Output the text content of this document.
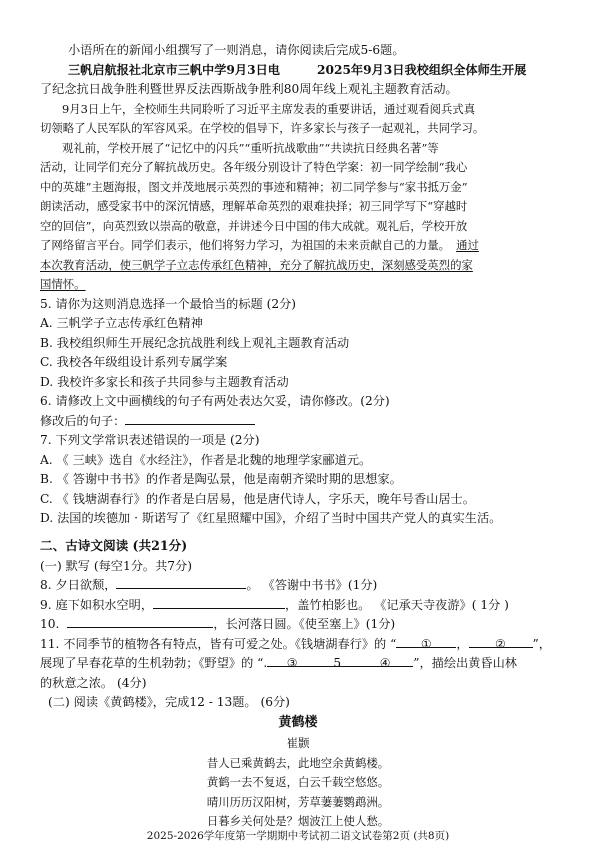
小语所在的新闻小组撰写了一则消息，请你阅读后完成5-6题。
三帆启航报社北京市三帆中学9月3日电	2025年9月3日我校组织全体师生开展
了纪念抗日战争胜利暨世界反法西斯战争胜利80周年线上观礼主题教育活动。
9月3日上午，全校师生共同聆听了习近平主席发表的重要讲话，通过观看阅兵式真
切领略了人民军队的军容风采。在学校的倡导下，许多家长与孩子一起观礼，共同学习。
观礼前，学校开展了“记忆中的闪兵”“重听抗战歌曲”“共读抗日经典名著”等
活动，让同学们充分了解抗战历史。各年级分别设计了特色学案：初一同学绘制“我心
中的英雄”主题海报，图文并茂地展示英烈的事迹和精神；初二同学参与“家书抵万金”
朗读活动，感受家书中的深沉情感，理解革命英烈的艰难抉择；初三同学写下“穿越时
空的回信”，向英烈致以崇高的敬意，并讲述今日中国的伟大成就。观礼后，学校开放
了网络留言平台。同学们表示，他们将努力学习，为祖国的未来贡献自己的力量。 通过
本次教育活动，使三帆学子立志传承红色精神，充分了解抗战历史，深刻感受英烈的家
国情怀。
5. 请你为这则消息选择一个最恰当的标题 (2分)
A. 三帆学子立志传承红色精神
B. 我校组织师生开展纪念抗战胜利线上观礼主题教育活动
C. 我校各年级组设计系列专属学案
D. 我校许多家长和孩子共同参与主题教育活动
6. 请修改上文中画横线的句子有两处表达欠妥，请你修改。(2分)
修改后的句子：
7. 下列文学常识表述错误的一项是 (2分)
A. 《 三峡》选自《水经注》，作者是北魏的地理学家郦道元。
B. 《 答谢中书书》的作者是陶弘景，他是南朝齐梁时期的思想家。
C. 《 钱塘湖春行》的作者是白居易，他是唐代诗人，字乐天，晚年号香山居士。
D. 法国的埃德加 · 斯诺写了《红星照耀中国》，介绍了当时中国共产党人的真实生活。
二、古诗文阅读 (共21分)
(一) 默写 (每空1分。共7分)
8. 夕日欲颓，	。 《答谢中书书》(1分)
9. 庭下如积水空明，	，盖竹柏影也。 《记承天寺夜游》( 1分 )
10.	，长河落日圆。《使至塞上》(1分)
11. 不同季节的植物各有特点，皆有可爱之处。《钱塘湖春行》的 “ ① ， ② ”，
展现了早春花草的生机勃勃；《野望》的 “. ③	5	④ ”，描绘出黄昏山林
的秋意之浓。 (4分)
(二) 阅读《黄鹤楼》，完成12 - 13题。 (6分)
黄鹤楼
崔颢
昔人已乘黄鹤去，此地空余黄鹤楼。
黄鹤一去不复返，白云千载空悠悠。
晴川历历汉阳树，芳草萋萋鹦鹉洲。
日暮乡关何处是？烟波江上使人愁。
2025-2026学年度第一学期期中考试初二语文试卷第2页 (共8页)
